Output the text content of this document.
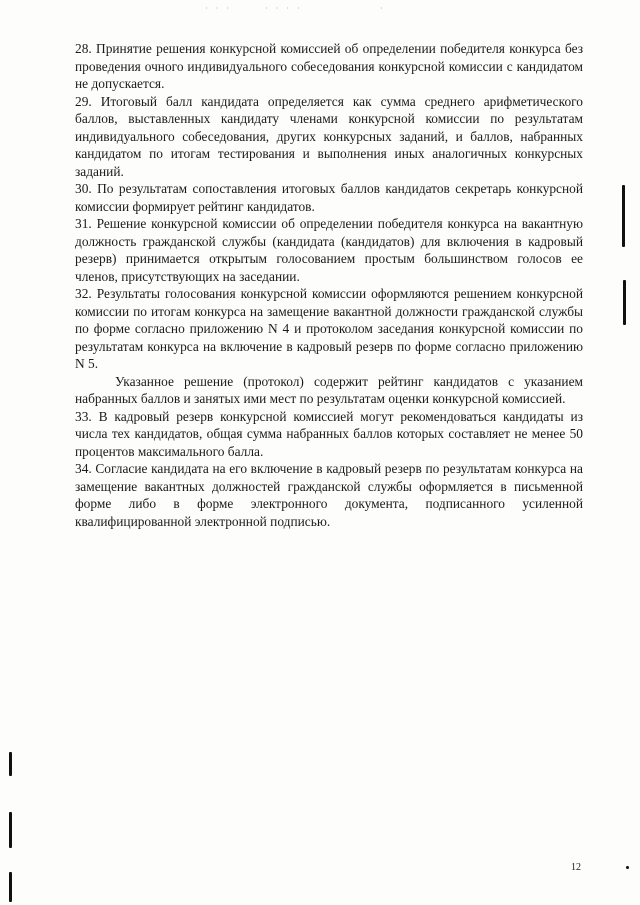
· · ·	· · · ·	·

28. Принятие решения конкурсной комиссией об определении победителя конкурса без проведения очного индивидуального собеседования конкурсной комиссии с кандидатом не допускается.

29. Итоговый балл кандидата определяется как сумма среднего арифметического баллов, выставленных кандидату членами конкурсной комиссии по результатам индивидуального собеседования, других конкурсных заданий, и баллов, набранных кандидатом по итогам тестирования и выполнения иных аналогичных конкурсных заданий.

30. По результатам сопоставления итоговых баллов кандидатов секретарь конкурсной комиссии формирует рейтинг кандидатов.

31. Решение конкурсной комиссии об определении победителя конкурса на вакантную должность гражданской службы (кандидата (кандидатов) для включения в кадровый резерв) принимается открытым голосованием простым большинством голосов ее членов, присутствующих на заседании.

32. Результаты голосования конкурсной комиссии оформляются решением конкурсной комиссии по итогам конкурса на замещение вакантной должности гражданской службы по форме согласно приложению N 4 и протоколом заседания конкурсной комиссии по результатам конкурса на включение в кадровый резерв по форме согласно приложению N 5.

Указанное решение (протокол) содержит рейтинг кандидатов с указанием набранных баллов и занятых ими мест по результатам оценки конкурсной комиссией.

33. В кадровый резерв конкурсной комиссией могут рекомендоваться кандидаты из числа тех кандидатов, общая сумма набранных баллов которых составляет не менее 50 процентов максимального балла.

34. Согласие кандидата на его включение в кадровый резерв по результатам конкурса на замещение вакантных должностей гражданской службы оформляется в письменной форме либо в форме электронного документа, подписанного усиленной квалифицированной электронной подписью.

12
